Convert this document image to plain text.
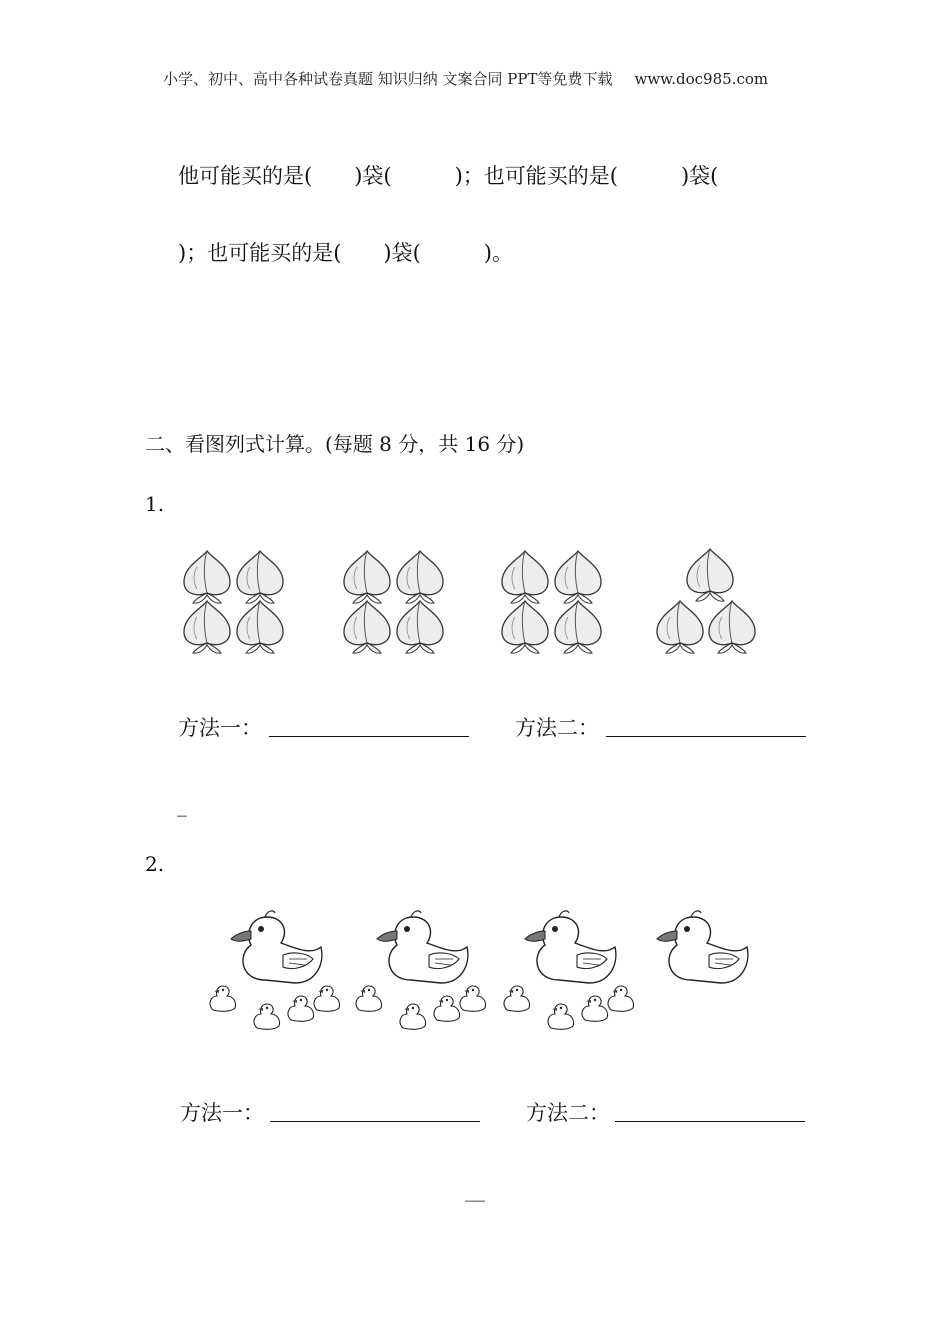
小学、初中、高中各种试卷真题 知识归纳 文案合同 PPT等免费下载 www.doc985.com
他可能买的是(　　)袋(　　　)；也可能买的是(　　　)袋(
)；也可能买的是(　　)袋(　　　)。
二、看图列式计算。(每题 8 分，共 16 分)
1.
方法一：	方法二：
_
2.
方法一：	方法二：
__
